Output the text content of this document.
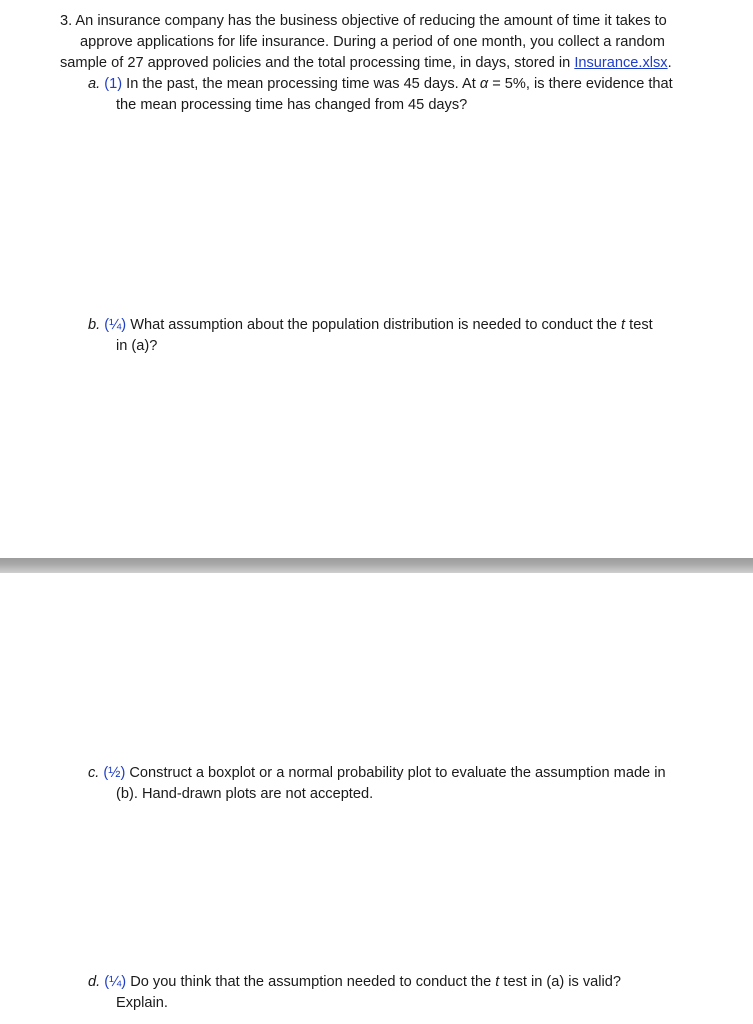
3. An insurance company has the business objective of reducing the amount of time it takes to
approve applications for life insurance. During a period of one month, you collect a random
sample of 27 approved policies and the total processing time, in days, stored in Insurance.xlsx.
a. (1) In the past, the mean processing time was 45 days. At α = 5%, is there evidence that
the mean processing time has changed from 45 days?
b. (¼) What assumption about the population distribution is needed to conduct the t test
in (a)?
c. (½) Construct a boxplot or a normal probability plot to evaluate the assumption made in
(b). Hand-drawn plots are not accepted.
d. (¼) Do you think that the assumption needed to conduct the t test in (a) is valid?
Explain.
